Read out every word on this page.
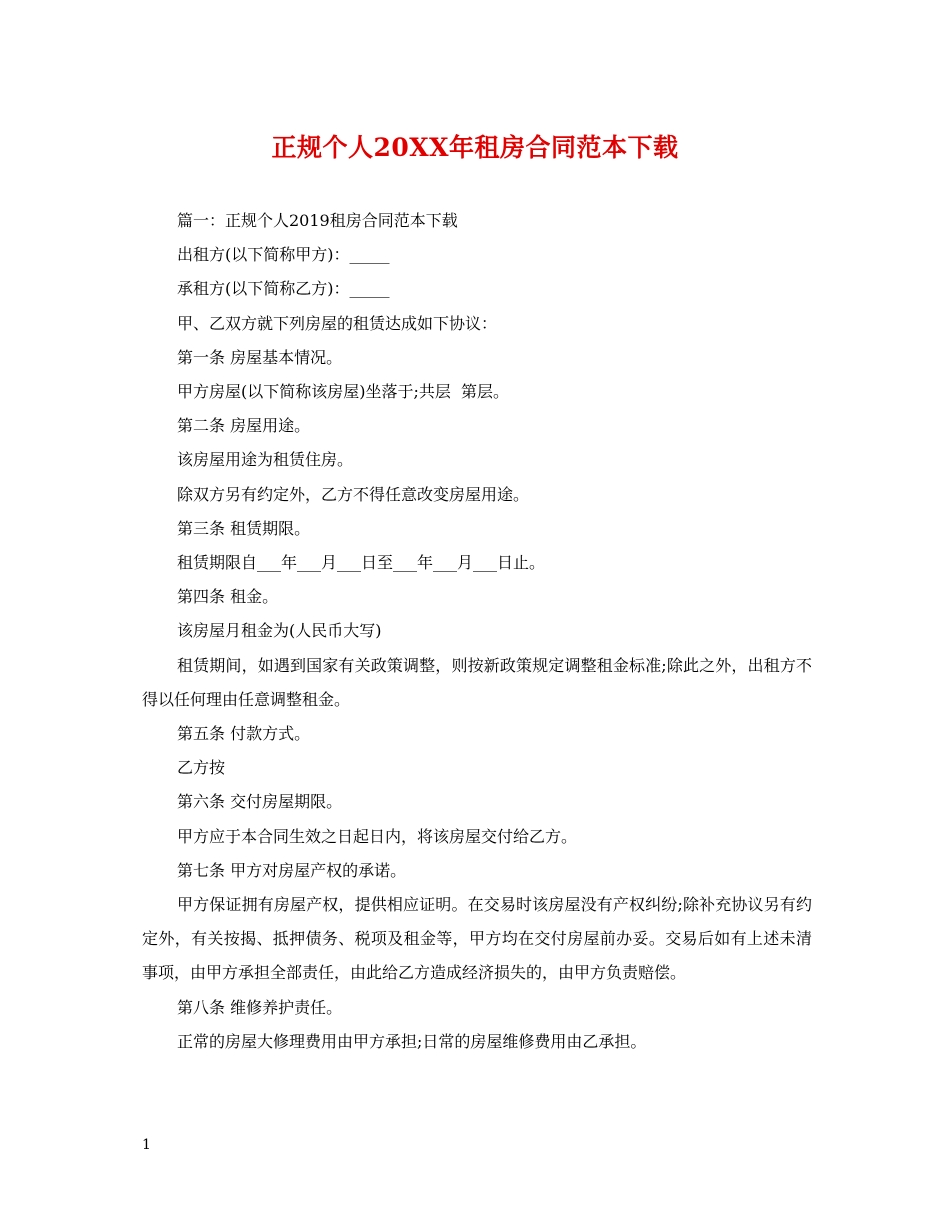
正规个人20XX年租房合同范本下载

篇一：正规个人2019租房合同范本下载

出租方(以下简称甲方)：_____

承租方(以下简称乙方)：_____

甲、乙双方就下列房屋的租赁达成如下协议：

第一条 房屋基本情况。

甲方房屋(以下简称该房屋)坐落于;共层  第层。

第二条 房屋用途。

该房屋用途为租赁住房。

除双方另有约定外，乙方不得任意改变房屋用途。

第三条 租赁期限。

租赁期限自___年___月___日至___年___月___日止。

第四条 租金。

该房屋月租金为(人民币大写)

租赁期间，如遇到国家有关政策调整，则按新政策规定调整租金标准;除此之外，出租方不得以任何理由任意调整租金。

第五条 付款方式。

乙方按

第六条 交付房屋期限。

甲方应于本合同生效之日起日内，将该房屋交付给乙方。

第七条 甲方对房屋产权的承诺。

甲方保证拥有房屋产权，提供相应证明。在交易时该房屋没有产权纠纷;除补充协议另有约定外，有关按揭、抵押债务、税项及租金等，甲方均在交付房屋前办妥。交易后如有上述未清事项，由甲方承担全部责任，由此给乙方造成经济损失的，由甲方负责赔偿。

第八条 维修养护责任。

正常的房屋大修理费用由甲方承担;日常的房屋维修费用由乙承担。

1
